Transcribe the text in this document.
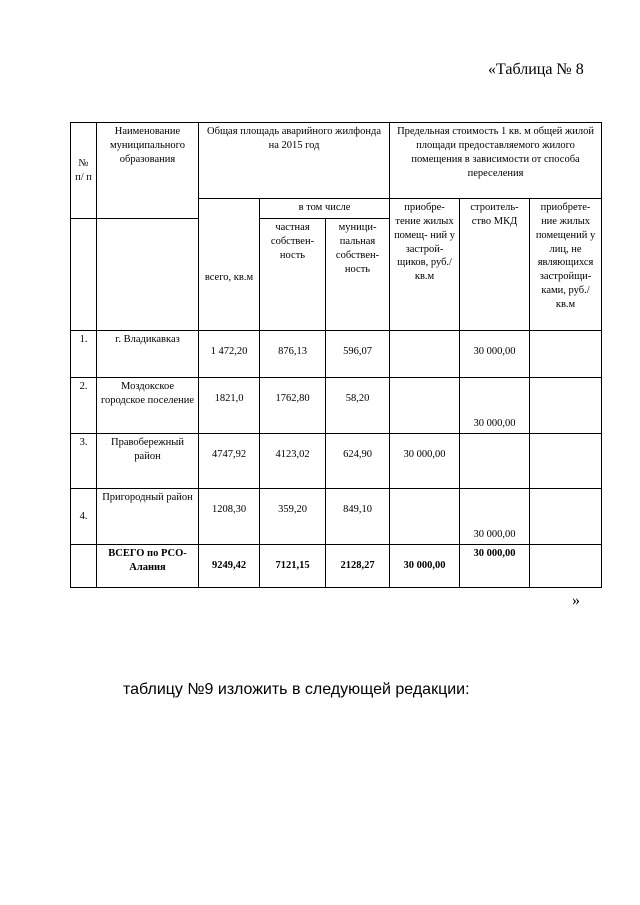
«Таблица № 8
№ п/ п	Наименование муниципального образования	Общая площадь аварийного жилфонда на 2015 год			Предельная стоимость 1 кв. м общей жилой площади предоставляемого жилого помещения в зависимости от способа переселения		
		всего, кв.м	в том числе		приобре- тение жилых помещ- ний у застрой- щиков, руб./кв.м	строитель- ство МКД	приобрете- ние жилых помещений у лиц, не являющихся застройщи- ками, руб./кв.м
			частная собствен- ность	муници- пальная собствен- ность			
1.	г. Владикавказ	1 472,20	876,13	596,07		30 000,00	
2.	Моздокское городское поселение	1821,0	1762,80	58,20		30 000,00	
3.	Правобережный район	4747,92	4123,02	624,90	30 000,00		
4.	Пригородный район	1208,30	359,20	849,10		30 000,00	
	ВСЕГО по РСО-Алания	9249,42	7121,15	2128,27	30 000,00	30 000,00	
»
таблицу №9 изложить в следующей редакции:
